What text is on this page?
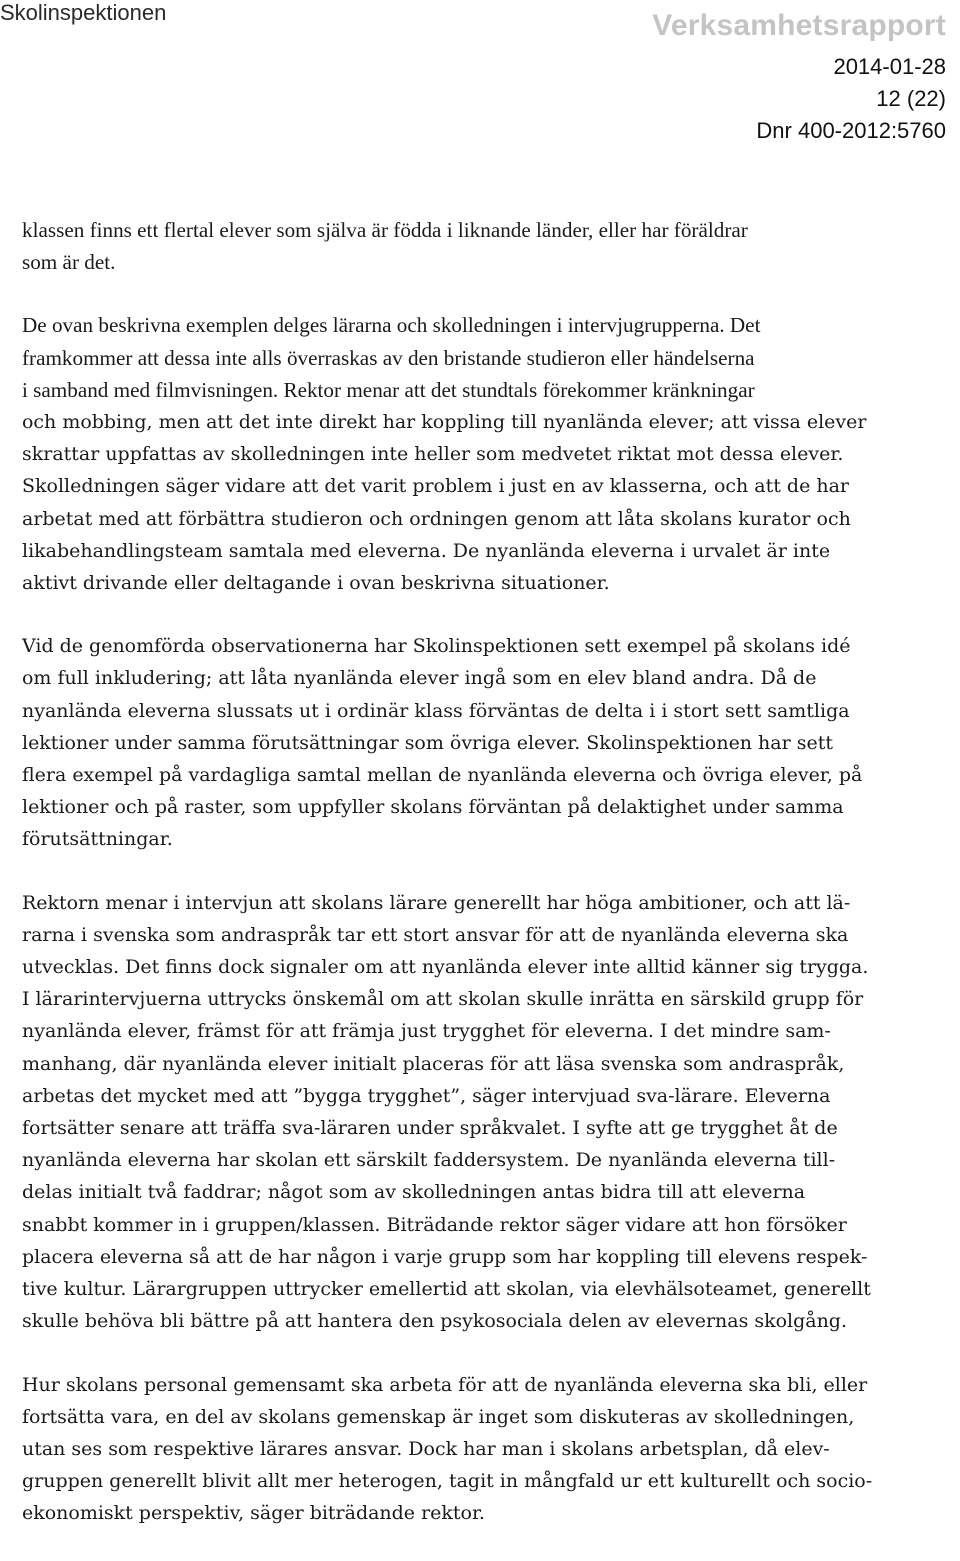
Skolinspektionen	Verksamhetsrapport
2014-01-28
12 (22)
Dnr 400-2012:5760

klassen finns ett flertal elever som själva är födda i liknande länder, eller har föräldrar
som är det.

De ovan beskrivna exemplen delges lärarna och skolledningen i intervjugrupperna. Det
framkommer att dessa inte alls överraskas av den bristande studieron eller händelserna
i samband med filmvisningen. Rektor menar att det stundtals förekommer kränkningar
och mobbing, men att det inte direkt har koppling till nyanlända elever; att vissa elever
skrattar uppfattas av skolledningen inte heller som medvetet riktat mot dessa elever.
Skolledningen säger vidare att det varit problem i just en av klasserna, och att de har
arbetat med att förbättra studieron och ordningen genom att låta skolans kurator och
likabehandlingsteam samtala med eleverna. De nyanlända eleverna i urvalet är inte
aktivt drivande eller deltagande i ovan beskrivna situationer.

Vid de genomförda observationerna har Skolinspektionen sett exempel på skolans idé
om full inkludering; att låta nyanlända elever ingå som en elev bland andra. Då de
nyanlända eleverna slussats ut i ordinär klass förväntas de delta i i stort sett samtliga
lektioner under samma förutsättningar som övriga elever. Skolinspektionen har sett
flera exempel på vardagliga samtal mellan de nyanlända eleverna och övriga elever, på
lektioner och på raster, som uppfyller skolans förväntan på delaktighet under samma
förutsättningar.

Rektorn menar i intervjun att skolans lärare generellt har höga ambitioner, och att lä-
rarna i svenska som andraspråk tar ett stort ansvar för att de nyanlända eleverna ska
utvecklas. Det finns dock signaler om att nyanlända elever inte alltid känner sig trygga.
I lärarintervjuerna uttrycks önskemål om att skolan skulle inrätta en särskild grupp för
nyanlända elever, främst för att främja just trygghet för eleverna. I det mindre sam-
manhang, där nyanlända elever initialt placeras för att läsa svenska som andraspråk,
arbetas det mycket med att ”bygga trygghet”, säger intervjuad sva-lärare. Eleverna
fortsätter senare att träffa sva-läraren under språkvalet. I syfte att ge trygghet åt de
nyanlända eleverna har skolan ett särskilt faddersystem. De nyanlända eleverna till-
delas initialt två faddrar; något som av skolledningen antas bidra till att eleverna
snabbt kommer in i gruppen/klassen. Biträdande rektor säger vidare att hon försöker
placera eleverna så att de har någon i varje grupp som har koppling till elevens respek-
tive kultur. Lärargruppen uttrycker emellertid att skolan, via elevhälsoteamet, generellt
skulle behöva bli bättre på att hantera den psykosociala delen av elevernas skolgång.

Hur skolans personal gemensamt ska arbeta för att de nyanlända eleverna ska bli, eller
fortsätta vara, en del av skolans gemenskap är inget som diskuteras av skolledningen,
utan ses som respektive lärares ansvar. Dock har man i skolans arbetsplan, då elev-
gruppen generellt blivit allt mer heterogen, tagit in mångfald ur ett kulturellt och socio-
ekonomiskt perspektiv, säger biträdande rektor.
